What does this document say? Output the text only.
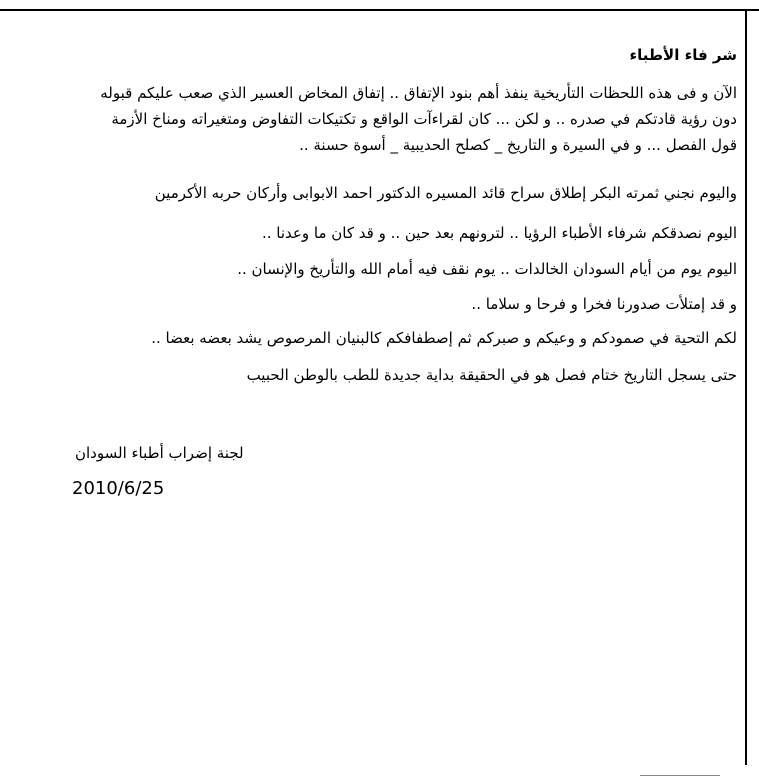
شر فاء الأطباء
الآن و فى هذه اللحظات التأريخية ينفذ أهم بنود الإتفاق .. إتفاق المخاض العسير الذي صعب عليكم قبوله
دون رؤية قادتكم في صدره .. و لكن ... كان لقراءآت الواقع و تكتيكات التفاوض ومتغيراته ومناخ الأزمة
قول الفصل ... و في السيرة و التاريخ _ كصلح الحديبية _ أسوة حسنة ..
واليوم نجني ثمرته البكر إطلاق سراح قائد المسيره الدكتور احمد الابوابى وأركان حربه الأكرمين
اليوم نصدقكم شرفاء الأطباء الرؤيا .. لترونهم بعد حين .. و قد كان ما وعدنا ..
اليوم يوم من أيام السودان الخالدات .. يوم نقف فيه أمام الله والتأريخ والإنسان ..
و قد إمتلأت صدورنا فخرا و فرحا و سلاما ..
لكم التحية في صمودكم و وعيكم و صبركم ثم إصطفافكم كالبنيان المرصوص يشد بعضه بعضا ..
حتى يسجل التاريخ ختام فصل هو في الحقيقة بداية جديدة للطب بالوطن الحبيب
لجنة إضراب أطباء السودان
2010/6/25
